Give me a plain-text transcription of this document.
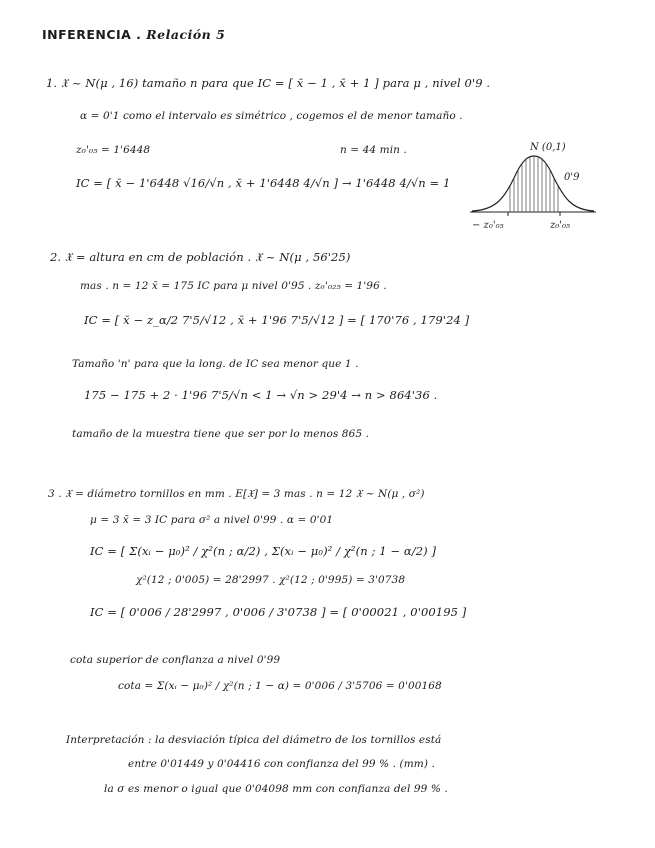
INFERENCIA . Relación 5
1. 𝔛 ~ N(μ , 16) tamaño n para que IC = [ x̄ − 1 , x̄ + 1 ] para μ , nivel 0'9 .
α = 0'1 como el intervalo es simétrico , cogemos el de menor tamaño .
z₀'₀₅ = 1'6448	n = 44 min .
IC = [ x̄ − 1'6448 √16/√n , x̄ + 1'6448 4/√n ] → 1'6448 4/√n = 1
N (0,1)
0'9
− z₀'₀₅	z₀'₀₅
2. 𝔛 = altura en cm de población . 𝔛 ~ N(μ , 56'25)
mas . n = 12 x̄ = 175 IC para μ nivel 0'95 . z₀'₀₂₅ = 1'96 .
IC = [ x̄ − z_α/2 7'5/√12 , x̄ + 1'96 7'5/√12 ] = [ 170'76 , 179'24 ]
Tamaño 'n' para que la long. de IC sea menor que 1 .
175 − 175 + 2 · 1'96 7'5/√n < 1 → √n > 29'4 → n > 864'36 .
tamaño de la muestra tiene que ser por lo menos 865 .
3 . 𝔛 = diámetro tornillos en mm . E[𝔛] = 3 mas . n = 12 𝔛 ~ N(μ , σ²)
μ = 3 x̄ = 3 IC para σ² a nivel 0'99 . α = 0'01
IC = [ Σ(xᵢ − μ₀)² / χ²(n ; α/2) , Σ(xᵢ − μ₀)² / χ²(n ; 1 − α/2) ]
χ²(12 ; 0'005) = 28'2997 . χ²(12 ; 0'995) = 3'0738
IC = [ 0'006 / 28'2997 , 0'006 / 3'0738 ] = [ 0'00021 , 0'00195 ]
cota superior de confianza a nivel 0'99
cota = Σ(xᵢ − μ₀)² / χ²(n ; 1 − α) = 0'006 / 3'5706 = 0'00168
Interpretación : la desviación típica del diámetro de los tornillos está
entre 0'01449 y 0'04416 con confianza del 99 % . (mm) .
la σ es menor o igual que 0'04098 mm con confianza del 99 % .
